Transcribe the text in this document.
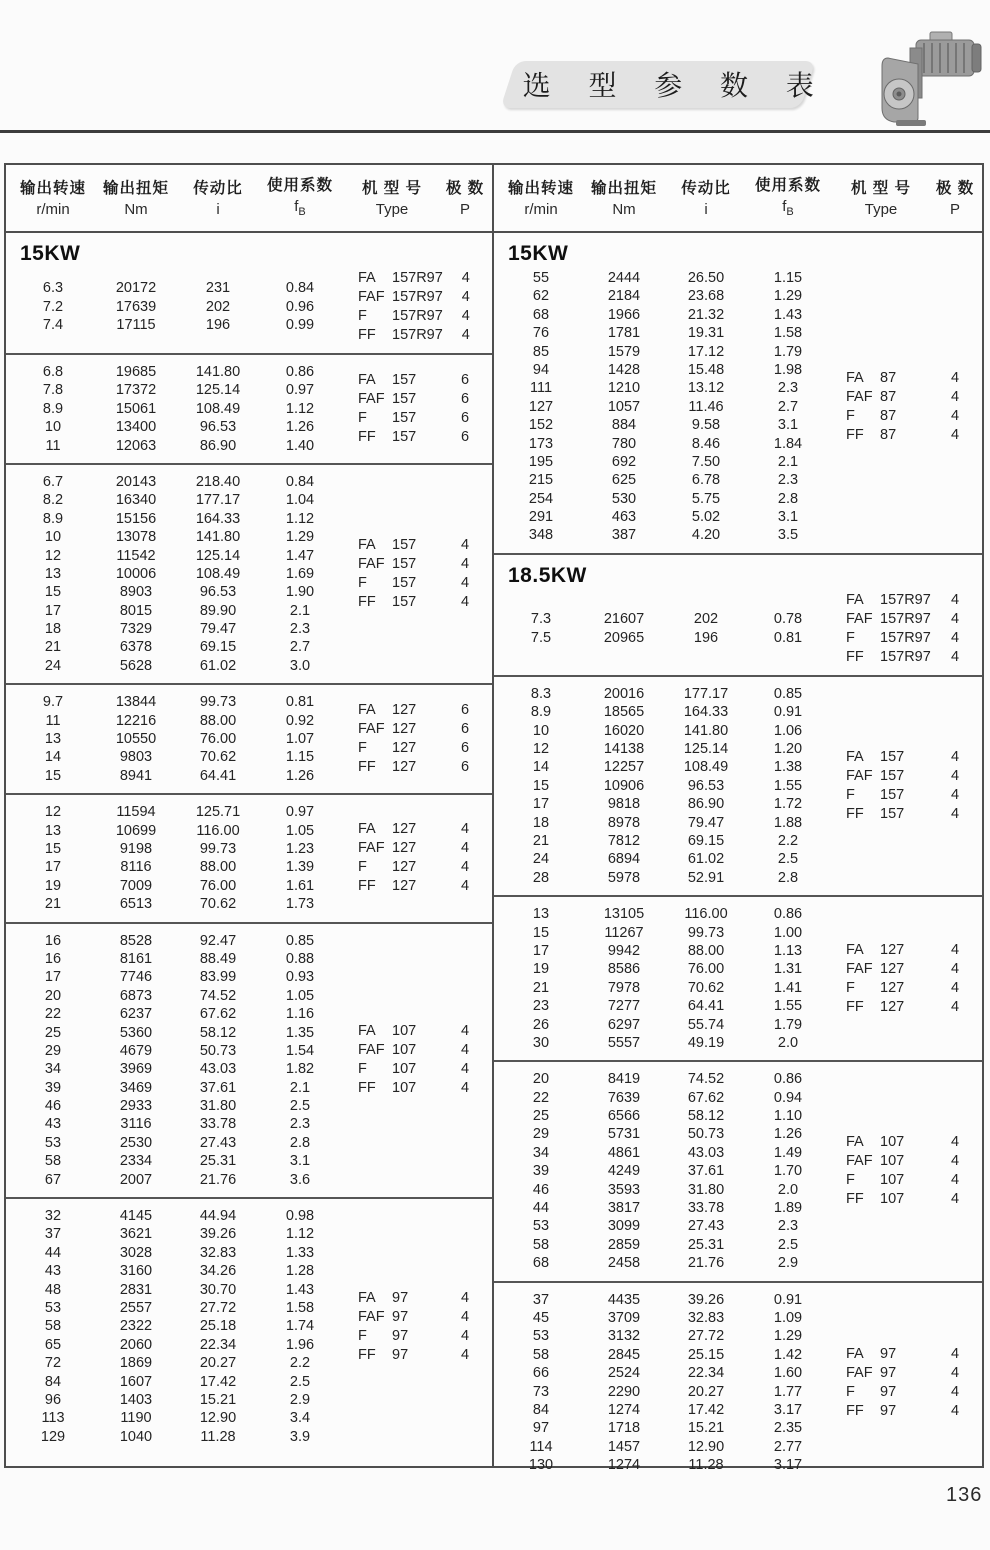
选 型 参 数 表
输出转速
r/min
输出扭矩
Nm
传动比
i
使用系数
$f_B$
机 型 号
Type
极 数
P
输出转速
r/min
输出扭矩
Nm
传动比
i
使用系数
$f_B$
机 型 号
Type
极 数
P
15KW
6.3	20172	231	0.84
7.2	17639	202	0.96
7.4	17115	196	0.99
FA 157R97	4
FAF 157R97	4
F 157R97	4
FF 157R97	4
6.8	19685	141.80	0.86
7.8	17372	125.14	0.97
8.9	15061	108.49	1.12
10	13400	96.53	1.26
11	12063	86.90	1.40
FA 157	6
FAF 157	6
F 157	6
FF 157	6
6.7	20143	218.40	0.84
8.2	16340	177.17	1.04
8.9	15156	164.33	1.12
10	13078	141.80	1.29
12	11542	125.14	1.47
13	10006	108.49	1.69
15	8903	96.53	1.90
17	8015	89.90	2.1
18	7329	79.47	2.3
21	6378	69.15	2.7
24	5628	61.02	3.0
FA 157	4
FAF 157	4
F 157	4
FF 157	4
9.7	13844	99.73	0.81
11	12216	88.00	0.92
13	10550	76.00	1.07
14	9803	70.62	1.15
15	8941	64.41	1.26
FA 127	6
FAF 127	6
F 127	6
FF 127	6
12	11594	125.71	0.97
13	10699	116.00	1.05
15	9198	99.73	1.23
17	8116	88.00	1.39
19	7009	76.00	1.61
21	6513	70.62	1.73
FA 127	4
FAF 127	4
F 127	4
FF 127	4
16	8528	92.47	0.85
16	8161	88.49	0.88
17	7746	83.99	0.93
20	6873	74.52	1.05
22	6237	67.62	1.16
25	5360	58.12	1.35
29	4679	50.73	1.54
34	3969	43.03	1.82
39	3469	37.61	2.1
46	2933	31.80	2.5
43	3116	33.78	2.3
53	2530	27.43	2.8
58	2334	25.31	3.1
67	2007	21.76	3.6
FA 107	4
FAF 107	4
F 107	4
FF 107	4
32	4145	44.94	0.98
37	3621	39.26	1.12
44	3028	32.83	1.33
43	3160	34.26	1.28
48	2831	30.70	1.43
53	2557	27.72	1.58
58	2322	25.18	1.74
65	2060	22.34	1.96
72	1869	20.27	2.2
84	1607	17.42	2.5
96	1403	15.21	2.9
113	1190	12.90	3.4
129	1040	11.28	3.9
FA 97	4
FAF 97	4
F 97	4
FF 97	4
15KW
55	2444	26.50	1.15
62	2184	23.68	1.29
68	1966	21.32	1.43
76	1781	19.31	1.58
85	1579	17.12	1.79
94	1428	15.48	1.98
111	1210	13.12	2.3
127	1057	11.46	2.7
152	884	9.58	3.1
173	780	8.46	1.84
195	692	7.50	2.1
215	625	6.78	2.3
254	530	5.75	2.8
291	463	5.02	3.1
348	387	4.20	3.5
FA 87	4
FAF 87	4
F 87	4
FF 87	4
18.5KW
7.3	21607	202	0.78
7.5	20965	196	0.81
FA 157R97	4
FAF 157R97	4
F 157R97	4
FF 157R97	4
8.3	20016	177.17	0.85
8.9	18565	164.33	0.91
10	16020	141.80	1.06
12	14138	125.14	1.20
14	12257	108.49	1.38
15	10906	96.53	1.55
17	9818	86.90	1.72
18	8978	79.47	1.88
21	7812	69.15	2.2
24	6894	61.02	2.5
28	5978	52.91	2.8
FA 157	4
FAF 157	4
F 157	4
FF 157	4
13	13105	116.00	0.86
15	11267	99.73	1.00
17	9942	88.00	1.13
19	8586	76.00	1.31
21	7978	70.62	1.41
23	7277	64.41	1.55
26	6297	55.74	1.79
30	5557	49.19	2.0
FA 127	4
FAF 127	4
F 127	4
FF 127	4
20	8419	74.52	0.86
22	7639	67.62	0.94
25	6566	58.12	1.10
29	5731	50.73	1.26
34	4861	43.03	1.49
39	4249	37.61	1.70
46	3593	31.80	2.0
44	3817	33.78	1.89
53	3099	27.43	2.3
58	2859	25.31	2.5
68	2458	21.76	2.9
FA 107	4
FAF 107	4
F 107	4
FF 107	4
37	4435	39.26	0.91
45	3709	32.83	1.09
53	3132	27.72	1.29
58	2845	25.15	1.42
66	2524	22.34	1.60
73	2290	20.27	1.77
84	1274	17.42	3.17
97	1718	15.21	2.35
114	1457	12.90	2.77
130	1274	11.28	3.17
FA 97	4
FAF 97	4
F 97	4
FF 97	4
136
